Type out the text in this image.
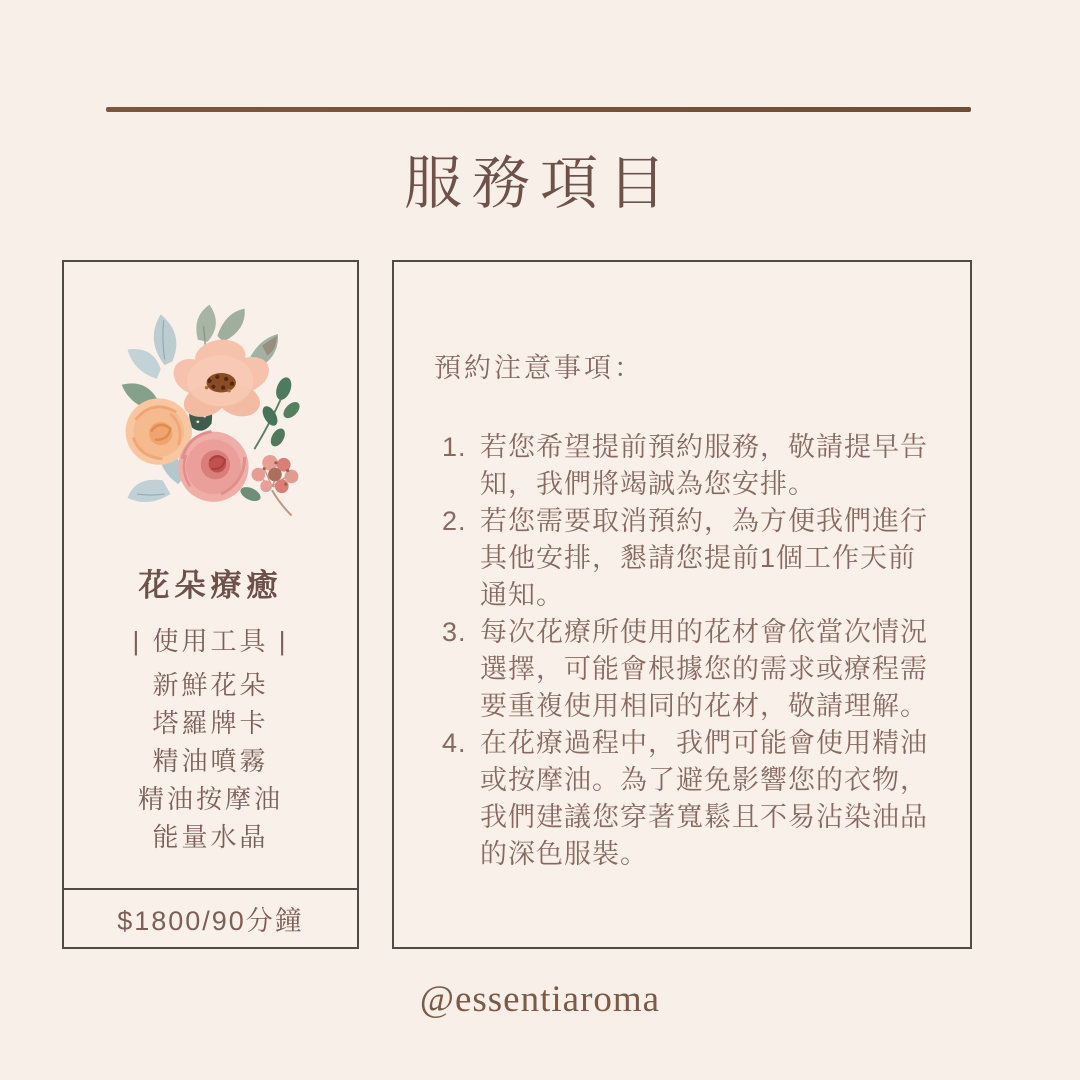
服務項目
花朵療癒
| 使用工具 |
新鮮花朵
塔羅牌卡
精油噴霧
精油按摩油
能量水晶
$1800/90分鐘
預約注意事項：
1. 若您希望提前預約服務，敬請提早告知，我們將竭誠為您安排。
2. 若您需要取消預約，為方便我們進行其他安排，懇請您提前1個工作天前通知。
3. 每次花療所使用的花材會依當次情況選擇，可能會根據您的需求或療程需要重複使用相同的花材，敬請理解。
4. 在花療過程中，我們可能會使用精油或按摩油。為了避免影響您的衣物，我們建議您穿著寬鬆且不易沾染油品的深色服裝。
@essentiaroma
